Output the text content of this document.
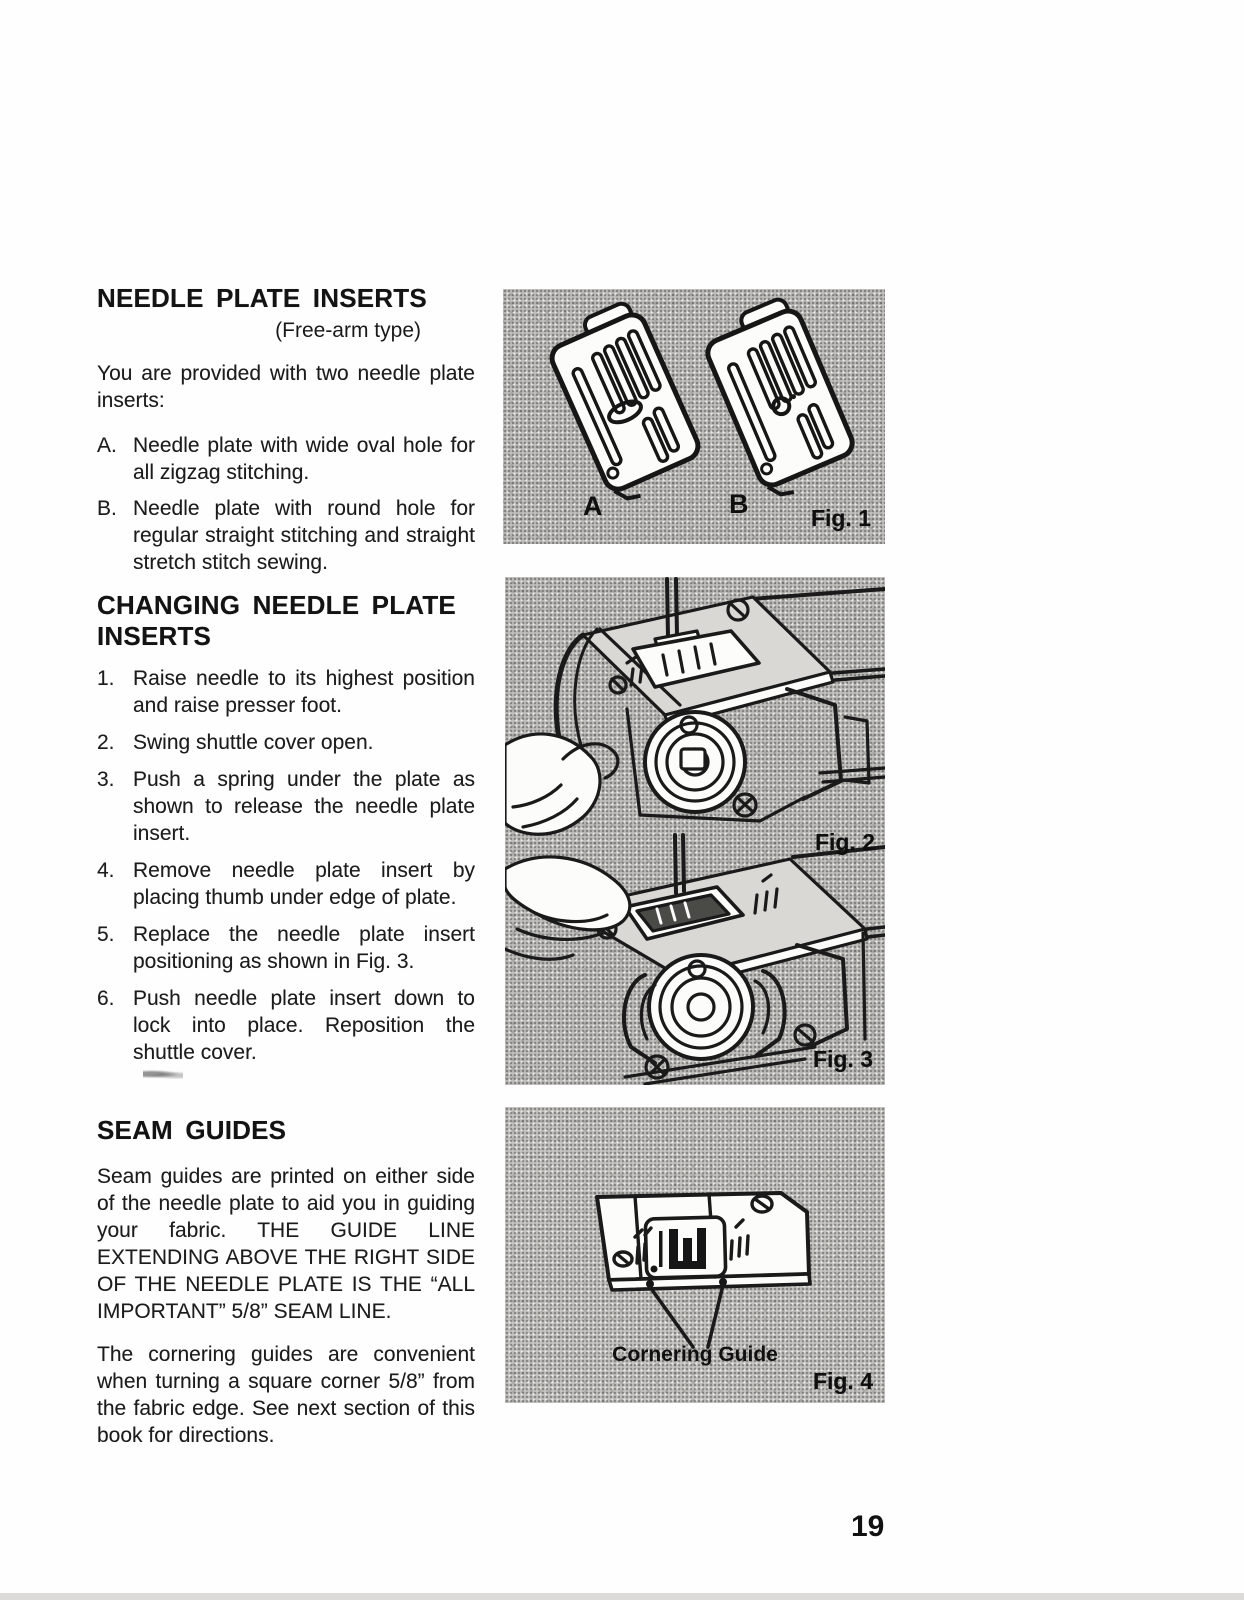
NEEDLE PLATE INSERTS
(Free-arm type)

You are provided with two needle plate inserts:

A. Needle plate with wide oval hole for all zigzag stitching.
B. Needle plate with round hole for regular straight stitching and straight stretch stitch sewing.
CHANGING NEEDLE PLATE INSERTS
1. Raise needle to its highest position and raise presser foot.
2. Swing shuttle cover open.
3. Push a spring under the plate as shown to release the needle plate insert.
4. Remove needle plate insert by placing thumb under edge of plate.
5. Replace the needle plate insert positioning as shown in Fig. 3.
6. Push needle plate insert down to lock into place. Reposition the shuttle cover.
SEAM GUIDES

Seam guides are printed on either side of the needle plate to aid you in guiding your fabric. THE GUIDE LINE EXTENDING ABOVE THE RIGHT SIDE OF THE NEEDLE PLATE IS THE “ALL IMPORTANT” 5/8” SEAM LINE.

The cornering guides are convenient when turning a square corner 5/8” from the fabric edge. See next section of this book for directions.

A	B	Fig. 1
Fig. 2
Fig. 3
Cornering Guide
Fig. 4
19
